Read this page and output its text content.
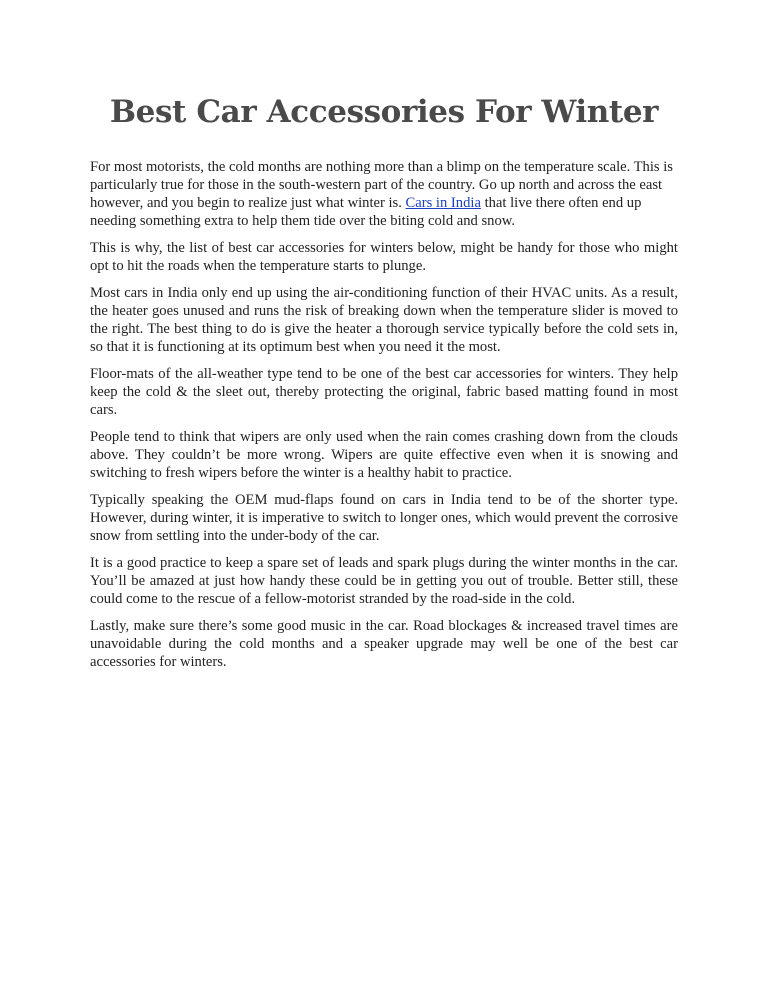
Best Car Accessories For Winter

For most motorists, the cold months are nothing more than a blimp on the temperature scale. This is particularly true for those in the south-western part of the country. Go up north and across the east however, and you begin to realize just what winter is. Cars in India that live there often end up needing something extra to help them tide over the biting cold and snow.

This is why, the list of best car accessories for winters below, might be handy for those who might opt to hit the roads when the temperature starts to plunge.

Most cars in India only end up using the air-conditioning function of their HVAC units. As a result, the heater goes unused and runs the risk of breaking down when the temperature slider is moved to the right. The best thing to do is give the heater a thorough service typically before the cold sets in, so that it is functioning at its optimum best when you need it the most.

Floor-mats of the all-weather type tend to be one of the best car accessories for winters. They help keep the cold & the sleet out, thereby protecting the original, fabric based matting found in most cars.

People tend to think that wipers are only used when the rain comes crashing down from the clouds above. They couldn’t be more wrong. Wipers are quite effective even when it is snowing and switching to fresh wipers before the winter is a healthy habit to practice.

Typically speaking the OEM mud-flaps found on cars in India tend to be of the shorter type. However, during winter, it is imperative to switch to longer ones, which would prevent the corrosive snow from settling into the under-body of the car.

It is a good practice to keep a spare set of leads and spark plugs during the winter months in the car. You’ll be amazed at just how handy these could be in getting you out of trouble. Better still, these could come to the rescue of a fellow-motorist stranded by the road-side in the cold.

Lastly, make sure there’s some good music in the car. Road blockages & increased travel times are unavoidable during the cold months and a speaker upgrade may well be one of the best car accessories for winters.
